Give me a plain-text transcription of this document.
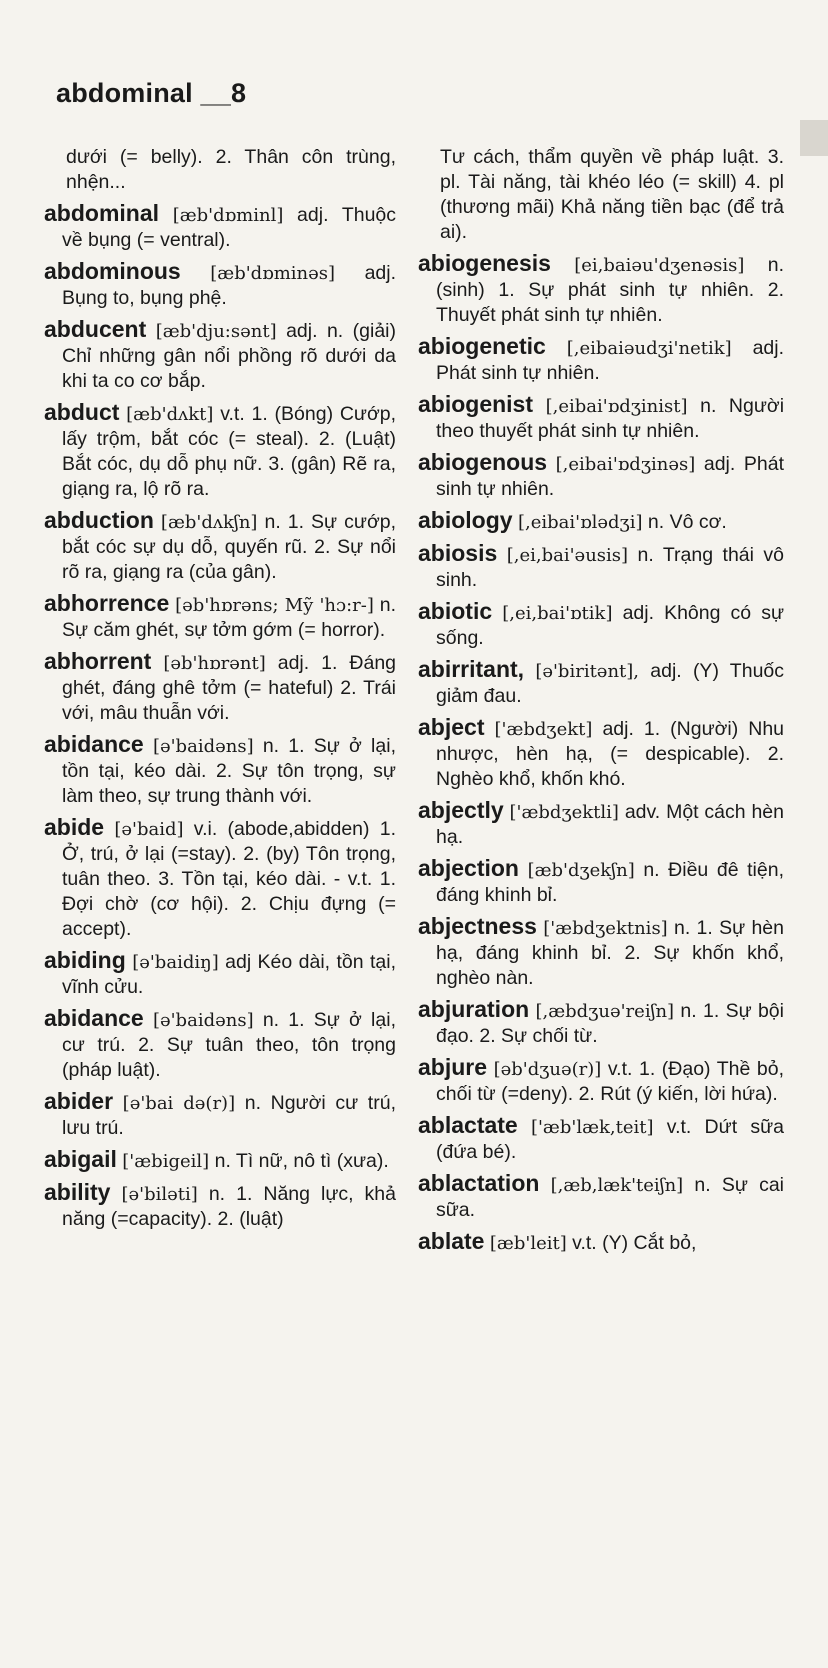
abdominal __8
dưới (= belly). 2. Thân côn trùng, nhện...
abdominal [æb'dɒminl] adj. Thuộc về bụng (= ventral).
abdominous [æb'dɒminəs] adj. Bụng to, bụng phệ.
abducent [æb'dju:sənt] adj. n. (giải) Chỉ những gân nổi phồng rõ dưới da khi ta co cơ bắp.
abduct [æb'dʌkt] v.t. 1. (Bóng) Cướp, lấy trộm, bắt cóc (= steal). 2. (Luật) Bắt cóc, dụ dỗ phụ nữ. 3. (gân) Rẽ ra, giạng ra, lộ rõ ra.
abduction [æb'dʌkʃn] n. 1. Sự cướp, bắt cóc sự dụ dỗ, quyến rũ. 2. Sự nổi rõ ra, giạng ra (của gân).
abhorrence [əb'hɒrəns; Mỹ 'hɔ:r-] n. Sự căm ghét, sự tởm gớm (= horror).
abhorrent [əb'hɒrənt] adj. 1. Đáng ghét, đáng ghê tởm (= hateful) 2. Trái với, mâu thuẫn với.
abidance [ə'baidəns] n. 1. Sự ở lại, tồn tại, kéo dài. 2. Sự tôn trọng, sự làm theo, sự trung thành với.
abide [ə'baid] v.i. (abode,abidden) 1. Ở, trú, ở lại (=stay). 2. (by) Tôn trọng, tuân theo. 3. Tồn tại, kéo dài. - v.t. 1. Đợi chờ (cơ hội). 2. Chịu đựng (= accept).
abiding [ə'baidiŋ] adj Kéo dài, tồn tại, vĩnh cửu.
abidance [ə'baidəns] n. 1. Sự ở lại, cư trú. 2. Sự tuân theo, tôn trọng (pháp luật).
abider [ə'bai də(r)] n. Người cư trú, lưu trú.
abigail ['æbigeil] n. Tì nữ, nô tì (xưa).
ability [ə'biləti] n. 1. Năng lực, khả năng (=capacity). 2. (luật)
Tư cách, thẩm quyền về pháp luật. 3. pl. Tài năng, tài khéo léo (= skill) 4. pl (thương mãi) Khả năng tiền bạc (để trả ai).
abiogenesis [ei,baiəu'dʒenəsis] n. (sinh) 1. Sự phát sinh tự nhiên. 2. Thuyết phát sinh tự nhiên.
abiogenetic [,eibaiəudʒi'netik] adj. Phát sinh tự nhiên.
abiogenist [,eibai'ɒdʒinist] n. Người theo thuyết phát sinh tự nhiên.
abiogenous [,eibai'ɒdʒinəs] adj. Phát sinh tự nhiên.
abiology [,eibai'ɒlədʒi] n. Vô cơ.
abiosis [,ei,bai'əusis] n. Trạng thái vô sinh.
abiotic [,ei,bai'ɒtik] adj. Không có sự sống.
abirritant, [ə'biritənt], adj. (Y) Thuốc giảm đau.
abject ['æbdʒekt] adj. 1. (Người) Nhu nhược, hèn hạ, (= despicable). 2. Nghèo khổ, khốn khó.
abjectly ['æbdʒektli] adv. Một cách hèn hạ.
abjection [æb'dʒekʃn] n. Điều đê tiện, đáng khinh bỉ.
abjectness ['æbdʒektnis] n. 1. Sự hèn hạ, đáng khinh bỉ. 2. Sự khốn khổ, nghèo nàn.
abjuration [,æbdʒuə'reiʃn] n. 1. Sự bội đạo. 2. Sự chối từ.
abjure [əb'dʒuə(r)] v.t. 1. (Đạo) Thề bỏ, chối từ (=deny). 2. Rút (ý kiến, lời hứa).
ablactate ['æb'læk,teit] v.t. Dứt sữa (đứa bé).
ablactation [,æb,læk'teiʃn] n. Sự cai sữa.
ablate [æb'leit] v.t. (Y) Cắt bỏ,
